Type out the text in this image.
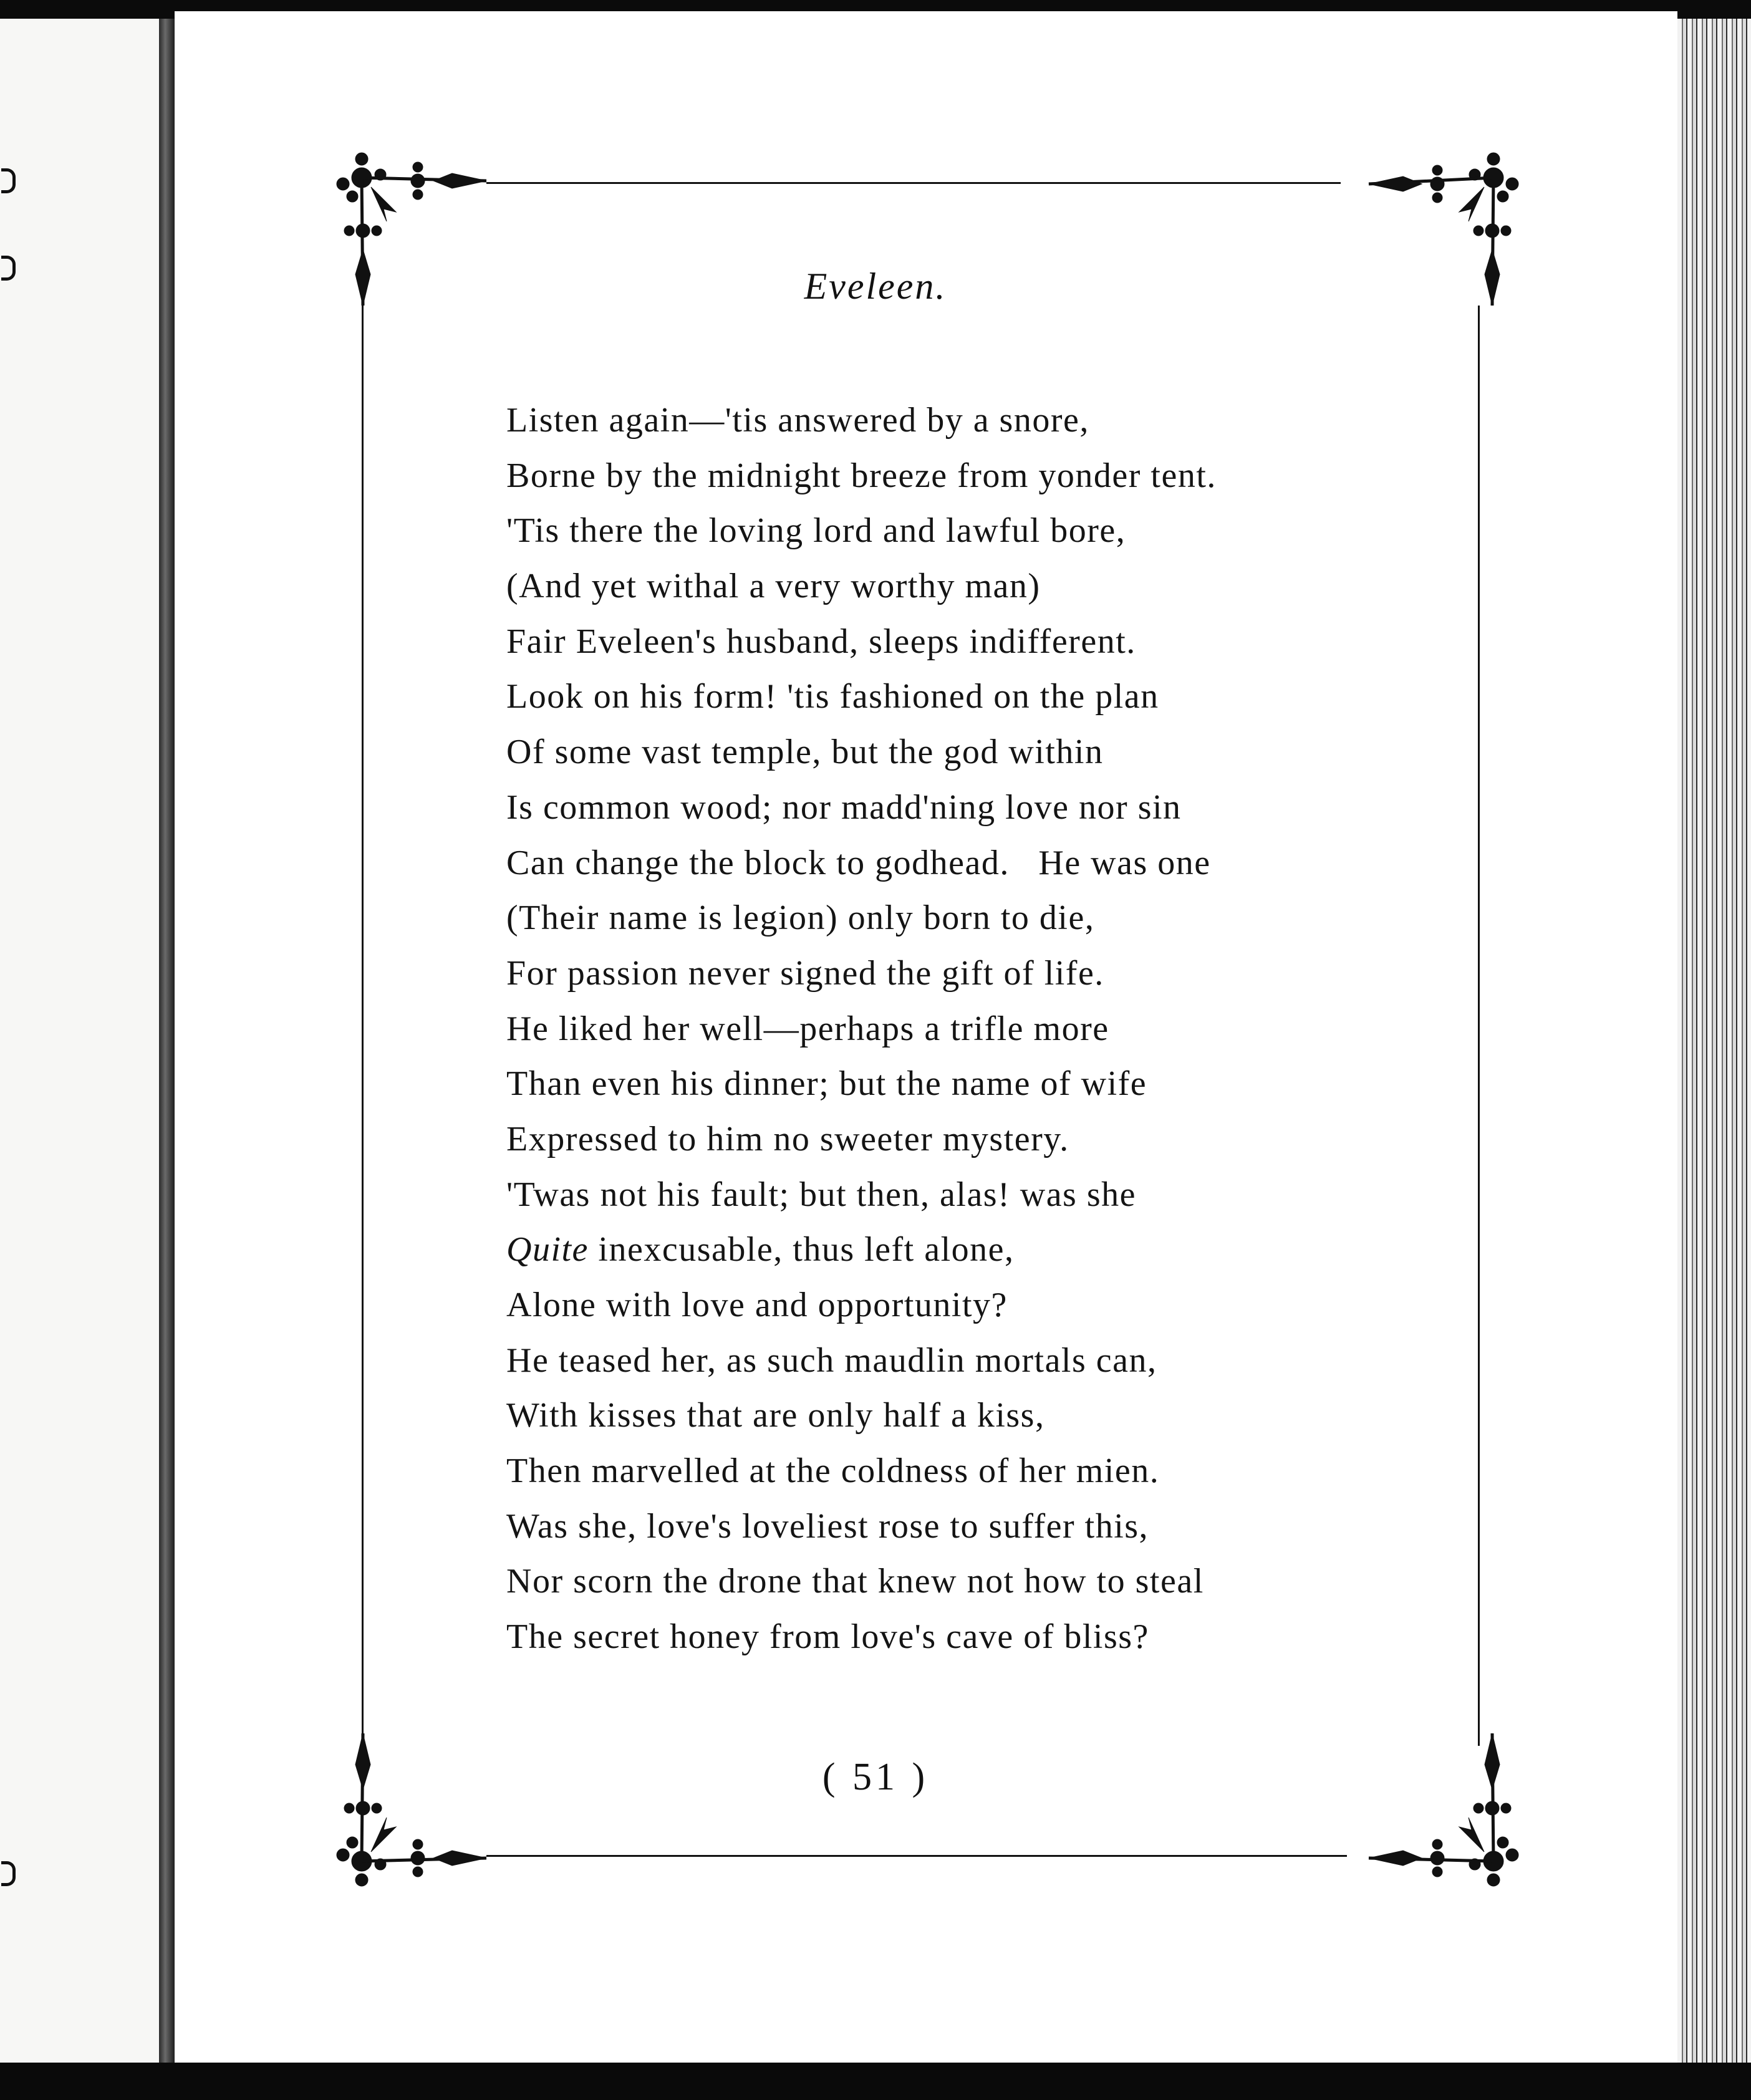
Eveleen.
Listen again—'tis answered by a snore,
Borne by the midnight breeze from yonder tent.
'Tis there the loving lord and lawful bore,
(And yet withal a very worthy man)
Fair Eveleen's husband, sleeps indifferent.
Look on his form! 'tis fashioned on the plan
Of some vast temple, but the god within
Is common wood; nor madd'ning love nor sin
Can change the block to godhead.   He was one
(Their name is legion) only born to die,
For passion never signed the gift of life.
He liked her well—perhaps a trifle more
Than even his dinner; but the name of wife
Expressed to him no sweeter mystery.
'Twas not his fault; but then, alas! was she
Quite inexcusable, thus left alone,
Alone with love and opportunity?
He teased her, as such maudlin mortals can,
With kisses that are only half a kiss,
Then marvelled at the coldness of her mien.
Was she, love's loveliest rose to suffer this,
Nor scorn the drone that knew not how to steal
The secret honey from love's cave of bliss?
( 51 )
